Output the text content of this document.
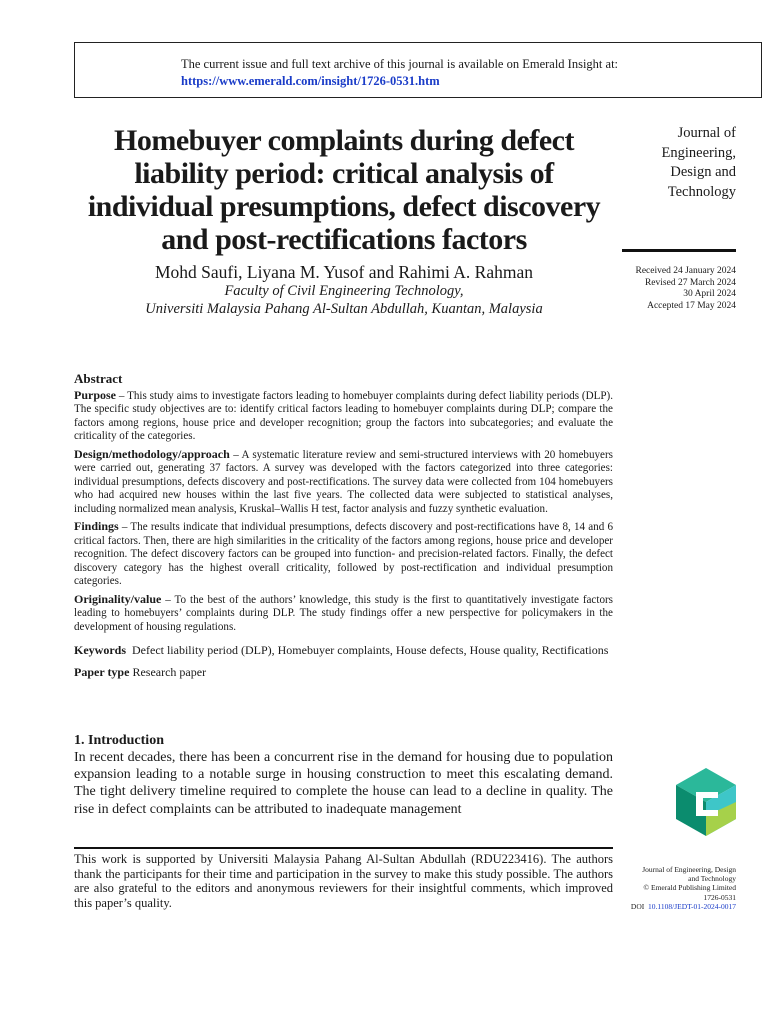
The current issue and full text archive of this journal is available on Emerald Insight at:
https://www.emerald.com/insight/1726-0531.htm
Homebuyer complaints during defect liability period: critical analysis of individual presumptions, defect discovery and post-rectifications factors
Mohd Saufi, Liyana M. Yusof and Rahimi A. Rahman
Faculty of Civil Engineering Technology,
Universiti Malaysia Pahang Al-Sultan Abdullah, Kuantan, Malaysia
Journal of
Engineering,
Design and
Technology
Received 24 January 2024
Revised 27 March 2024
30 April 2024
Accepted 17 May 2024
Abstract

Purpose – This study aims to investigate factors leading to homebuyer complaints during defect liability periods (DLP). The specific study objectives are to: identify critical factors leading to homebuyer complaints during DLP; compare the factors among regions, house price and developer recognition; group the factors into subcategories; and evaluate the criticality of the categories.

Design/methodology/approach – A systematic literature review and semi-structured interviews with 20 homebuyers were carried out, generating 37 factors. A survey was developed with the factors categorized into three categories: individual presumptions, defects discovery and post-rectifications. The survey data were collected from 104 homebuyers who had acquired new houses within the last five years. The collected data were subjected to statistical analyses, including normalized mean analysis, Kruskal–Wallis H test, factor analysis and fuzzy synthetic evaluation.

Findings – The results indicate that individual presumptions, defects discovery and post-rectifications have 8, 14 and 6 critical factors. Then, there are high similarities in the criticality of the factors among regions, house price and developer recognition. The defect discovery factors can be grouped into function- and precision-related factors. Finally, the defect discovery category has the highest overall criticality, followed by post-rectification and individual presumption categories.

Originality/value – To the best of the authors’ knowledge, this study is the first to quantitatively investigate factors leading to homebuyers’ complaints during DLP. The study findings offer a new perspective for policymakers in the development of housing regulations.

Keywords Defect liability period (DLP), Homebuyer complaints, House defects, House quality, Rectifications
Paper type Research paper
1. Introduction
In recent decades, there has been a concurrent rise in the demand for housing due to population expansion leading to a notable surge in housing construction to meet this escalating demand. The tight delivery timeline required to complete the house can lead to a decline in quality. The rise in defect complaints can be attributed to inadequate management
This work is supported by Universiti Malaysia Pahang Al-Sultan Abdullah (RDU223416). The authors thank the participants for their time and participation in the survey to make this study possible. The authors are also grateful to the editors and anonymous reviewers for their insightful comments, which improved this paper’s quality.
Journal of Engineering, Design
and Technology
© Emerald Publishing Limited
1726-0531
DOI 10.1108/JEDT-01-2024-0017
